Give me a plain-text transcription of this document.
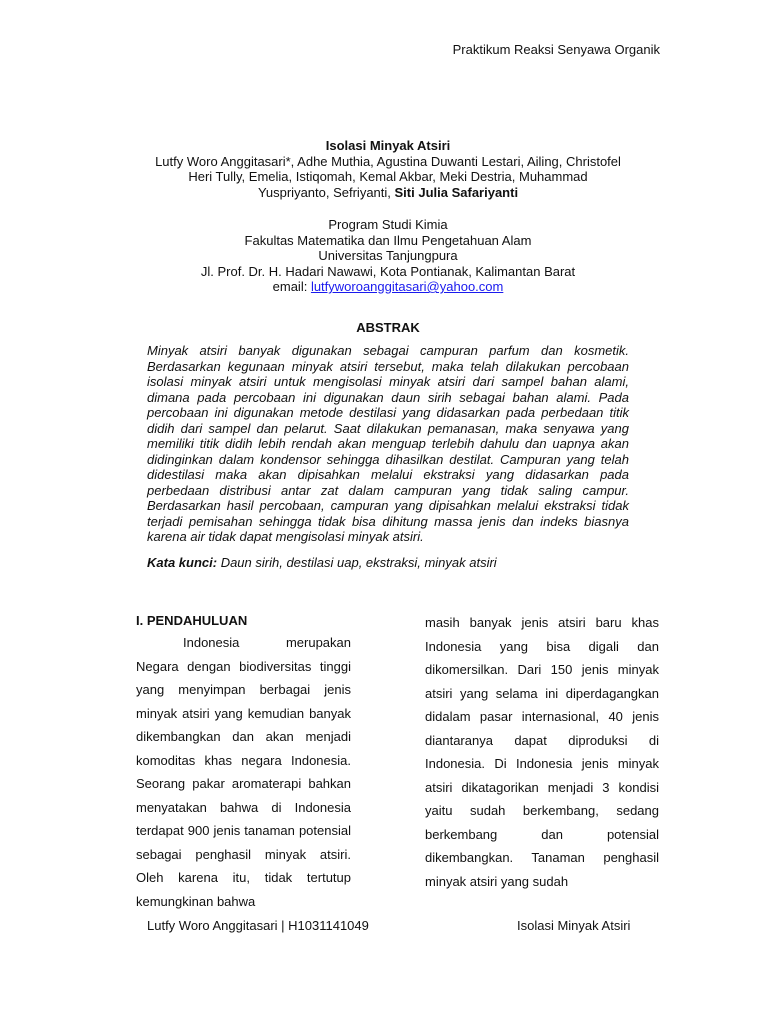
Praktikum Reaksi Senyawa Organik
Isolasi Minyak Atsiri
Lutfy Woro Anggitasari*, Adhe Muthia, Agustina Duwanti Lestari, Ailing, Christofel
Heri Tully, Emelia, Istiqomah, Kemal Akbar, Meki Destria, Muhammad
Yuspriyanto, Sefriyanti, Siti Julia Safariyanti
Program Studi Kimia
Fakultas Matematika dan Ilmu Pengetahuan Alam
Universitas Tanjungpura
Jl. Prof. Dr. H. Hadari Nawawi, Kota Pontianak, Kalimantan Barat
email: lutfyworoanggitasari@yahoo.com
ABSTRAK

Minyak atsiri banyak digunakan sebagai campuran parfum dan kosmetik. Berdasarkan kegunaan minyak atsiri tersebut, maka telah dilakukan percobaan isolasi minyak atsiri untuk mengisolasi minyak atsiri dari sampel bahan alami, dimana pada percobaan ini digunakan daun sirih sebagai bahan alami. Pada percobaan ini digunakan metode destilasi yang didasarkan pada perbedaan titik didih dari sampel dan pelarut. Saat dilakukan pemanasan, maka senyawa yang memiliki titik didih lebih rendah akan menguap terlebih dahulu dan uapnya akan didinginkan dalam kondensor sehingga dihasilkan destilat. Campuran yang telah didestilasi maka akan dipisahkan melalui ekstraksi yang didasarkan pada perbedaan distribusi antar zat dalam campuran yang tidak saling campur. Berdasarkan hasil percobaan, campuran yang dipisahkan melalui ekstraksi tidak terjadi pemisahan sehingga tidak bisa dihitung massa jenis dan indeks biasnya karena air tidak dapat mengisolasi minyak atsiri.

Kata kunci: Daun sirih, destilasi uap, ekstraksi, minyak atsiri
I. PENDAHULUAN

Indonesia merupakan Negara dengan biodiversitas tinggi yang menyimpan berbagai jenis minyak atsiri yang kemudian banyak dikembangkan dan akan menjadi komoditas khas negara Indonesia. Seorang pakar aromaterapi bahkan menyatakan bahwa di Indonesia terdapat 900 jenis tanaman potensial sebagai penghasil minyak atsiri. Oleh karena itu, tidak tertutup kemungkinan bahwa

masih banyak jenis atsiri baru khas Indonesia yang bisa digali dan dikomersilkan. Dari 150 jenis minyak atsiri yang selama ini diperdagangkan didalam pasar internasional, 40 jenis diantaranya dapat diproduksi di Indonesia. Di Indonesia jenis minyak atsiri dikatagorikan menjadi 3 kondisi yaitu sudah berkembang, sedang berkembang dan potensial dikembangkan. Tanaman penghasil minyak atsiri yang sudah

Lutfy Woro Anggitasari | H1031141049	Isolasi Minyak Atsiri
